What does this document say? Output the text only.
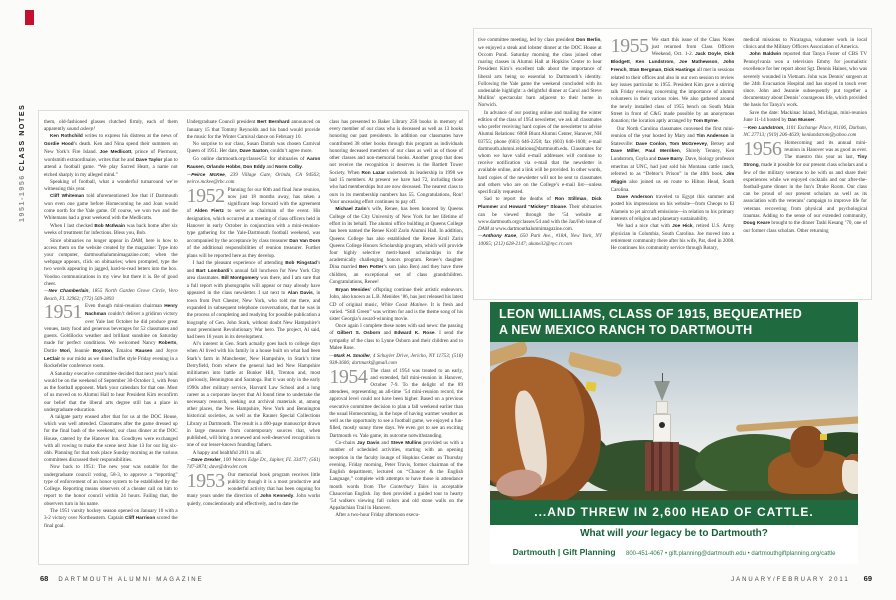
1951-1956 CLASS NOTES	them, old-fashioned glasses clutched firmly, each of them apparently sound asleep!

Ken Rothchild writes to express his distress at the news of Gordie Hood’s death. Ken and Nina spend their summers on New York’s Fire Island. Joe Medlicott, prince of Piermont, wordsmith extraordinaire, writes that he and Dave Taylor plan to attend a football game. “We play Sacred Heart, a name not etched sharply in my alleged mind.”

Speaking of football, what a wonderful turnaround we’re witnessing this year.

Cliff Whiteman told aforementioned Joe that if Dartmouth won even one game before Homecoming he and Joan would come north for the Yale game. Of course, we won two and the Whitemans had a great weekend with the Medlicotts.

When I last checked Bob McIlwain was back home after six weeks of treatment for infections. Bless you, Bob.

Since obituaries no longer appear in DAM, here is how to access them on the website created by the magazine: Type into your computer, dartmouthalumnimagazine.com; when the webpage appears, click on obituaries; when prompted, type the two words appearing in jagged, hard-to-read letters into the box. Voodoo communications in my view but there it is. Be of good cheer.

—Nev Chamberlain, 1855 North Garden Grove Circle, Vero Beach, FL 32962; (772) 569-2893

1951 Even though mini-reunion chairman Henry Nachman couldn’t deliver a gridiron victory over Yale last October he did produce great venues, tasty food and generous beverages for 52 classmates and guests. Goldilocks weather and brilliant sunshine on Saturday made for perfect conditions. We welcomed Nancy Roberts, Dottie Mori, Jeannie Boynton, Emalou Rausen and Joyce LeClair to our midst as we dined buffet style Friday evening in a Rockefeller conference room.

A Saturday executive committee decided that next year’s mini would be on the weekend of September 30-October 1, with Penn as the football opponent. Mark your calendars for that one. Most of us moved on to Alumni Hall to hear President Kim reconfirm our belief that the liberal arts degree still has a place in undergraduate education.

A tailgate party ensued after that for us at the DOC House, which was well attended. Classmates after the game dressed up for the final bash of the weekend, our class dinner at the DOC House, catered by the Hanover Inn. Goodbyes were exchanged with all vowing to make the scene next June 13 for our big six-ohh. Planning for that took place Sunday morning as the various committees discussed their responsibilities.

Now back to 1951: The new year was notable for the undergraduate council voting, 58-3, to approve a “reporting” type of enforcement of an honor system to be established by the College. Reporting means observers of a cheater call on him to report to the honor council within 24 hours. Failing that, the observers turn in his name.

The 1951 varsity hockey season opened on January 10 with a 3-2 victory over Northeastern. Captain Cliff Harrison scored the final goal.

Undergraduate Council president Bert Bernhard announced on January 15 that Tommy Reynolds and his band would provide the music for the Winter Carnival dance on February 10.

No surprise to our class, Susan Darrah was chosen Carnival Queen of 1951. Her date, Dave Saxton, couldn’t agree more.

Go online dartmouth.org/classes/51 for obituaries of Aaron Rausen, Orlando Hobbs, Don Eddy and Norm Colby.

—Peirce McKee, 239 Village Gate, Orinda, CA 94563; peirce.mckee@rbc.com

1952 Planning for our 60th and final June reunion, now just 18 months away, has taken a significant leap forward with the agreement of Alden Fiertz to serve as chairman of the event. His designation, which occurred at a meeting of class officers held in Hanover in early October in conjunction with a mini-reunion-type gathering for the Yale-Dartmouth football weekend, was accompanied by the acceptance by class treasurer Dan Van Dorn of the additional responsibilities of reunion treasurer. Further plans will be reported here as they develop.

I had the pleasant experience of attending Bob Ringstad’s and Bart Lombardi’s annual fall luncheon for New York City area classmates. Bill Montgomery was there, and I am sure that a full report with photographs will appear or may already have appeared in the class newsletter. I sat next to Alan Davis, in town from Port Chester, New York, who told me there, and expanded in subsequent telephone conversations, that he was in the process of completing and readying for possible publication a biography of Gen. John Stark, without doubt New Hampshire’s most preeminent Revolutionary War hero. The project, Al said, had been 16 years in its development.

Al’s interest in Gen. Stark actually goes back to college days when Al lived with his family in a house built on what had been Stark’s farm in Manchester, New Hampshire, in Stark’s time Derryfield, from where the general had led New Hampshire militiamen into battle at Bunker Hill, Trenton and, most gloriously, Bennington and Saratoga. But it was only in the early 1990s after military service, Harvard Law School and a long career as a corporate lawyer that Al found time to undertake the necessary research, seeking out archival materials at, among other places, the New Hampshire, New York and Bennington historical societies, as well as the Rauner Special Collections Library at Dartmouth. The result is a 400-page manuscript drawn in large measure from contemporary sources that, when published, will bring a renewed and well-deserved recognition to one of our lesser-known founding fathers.

A happy and healthful 2011 to all.

—Dave Drexler, 100 Waters Edge Dr., Jupiter, FL 33477; (561) 747-3874; dave@drexler.com

1953 Our memorial book program receives little publicity though it is a most productive and wonderful activity that has been ongoing for many years under the direction of John Kennedy. John works quietly, conscientiously and effectively, and to date the

class has presented to Baker Library 256 books in memory of every member of our class who is deceased as well as 13 books honoring our past presidents. In addition our classmates have contributed 38 other books through this program as individuals honoring deceased members of our class as well as of those of other classes and non-memorial books. Another group that does not receive the recognition it deserves is the Bartlett Tower Society. When Ron Lazar undertook its leadership in 1998 we had 15 members. At present we have had 72, including those who had memberships but are now deceased. The nearest class to ours in its membership numbers has 55. Congratulations, Ron! Your unceasing effort continues to pay off.

Michael Zarin’s wife, Renee, has been honored by Queens College of the City University of New York for her lifetime of effort in its behalf. The alumni office building at Queens College has been named the Renee Kroll Zarin Alumni Hall. In addition, Queens College has also established the Renee Kroll Zarin Queens College Honors Scholarship program, which will provide four highly selective merit-based scholarships in the academically challenging honors program. Renee’s daughter Dina married Ben Potter’s son (also Ben) and they have three children, an exceptional set of class grandchildren. Congratulations, Renee!

Bryan Menides’ offspring continue their artistic endeavors. John, also known as L.B. Menides ’86, has just released his latest CD of original music, White Coast Matinee. It is fresh and varied. “Still Green” was written for and is the theme song of his sister Georgia’s award-winning movie.

Once again I complete these notes with sad news: the passing of Gilbert S. Osborn and Edward K. Rose. I send the sympathy of the class to Lynne Osborn and their children and to Malee Rose.

—Mark H. Smoller, 4 Schuyler Drive, Jericho, NY 11753; (516) 938-3606; dartmark@gmail.com

1954 The class of 1954 was treated to an early, and extended, fall mini-reunion in Hanover, October 7-9. To the delight of the 89 attendees, representing an all-time ’54 mini-reunion record, the approval level could not have been higher. Based on a previous executive committee decision to plan a fall weekend earlier than the usual Homecoming, in the hope of having warmer weather as well as the opportunity to see a football game, we enjoyed a fun-filled, mostly sunny three days. We even got to see an exciting Dartmouth vs. Yale game, its outcome notwithstanding.

Co-chairs Jay Davis and Steve Mullins provided us with a number of scheduled activities, starting with an opening reception in the faculty lounge of Hopkins Center on Thursday evening. Friday morning, Peter Travis, former chairman of the English department, lectured on “Chaucer & the English Language,” complete with attempts to have those in attendance mouth words from The Canterbury Tales in acceptable Chaucerian English. Jay then provided a guided tour to hearty ’54 walkers viewing fall colors and old stone walls on the Appalachian Trail in Hanover.

After a two-hour Friday afternoon execu-

tive committee meeting, led by class president Don Berlin, we enjoyed a steak and lobster dinner at the DOC House at Occom Pond. Saturday morning the class joined other roaring classes in Alumni Hall at Hopkins Center to hear President Kim’s excellent talk about the importance of liberal arts being so essential to Dartmouth’s identity. Following the Yale game the weekend concluded with its undeniable highlight: a delightful dinner at Carol and Steve Mullins’ spectacular barn adjacent to their home in Norwich.

In advance of our posting online and mailing the winter edition of the class of 1954 newsletter, we ask all classmates who prefer receiving hard copies of the newsletter to advise Alumni Relations: 6068 Blunt Alumni Center, Hanover, NH 03755; phone (603) 646-2258; fax (603) 646-1600; e-mail dartmouth.alumni.relations@dartmouth.edu. Classmates for whom we have valid e-mail addresses will continue to receive notification via e-mail that the newsletter is available online, and a link will be provided. In other words, hard copies of the newsletter will not be sent to classmates and others who are on the College’s e-mail list—unless specifically requested.

Sad to report the deaths of Ron Stillman, Dick Plummer and Howard “Mickey” Sloane. Their obituaries can be viewed through the ’54 website at www.dartmouth.org/classes/54 and with the Jan/Feb issue of DAM at www.dartmouthalumnimagazine.com.

—Anthony Kane, 650 Park Ave., #18A, New York, NY 10065; (212) 628-2147; akane32@nyc.rr.com

1955 We start this issue of the Class Notes just returned from Class Officers Weekend, Oct. 1-2. Jack Doyle, Dick Blodgett, Ken Lundstrom, Joe Mathewson, John French, Stan Bergman, Dick Hastings all met in sessions related to their offices and also in our own session to review key issues particular to 1955. President Kim gave a stirring talk Friday evening concerning the importance of alumni volunteers in their various roles. We also gathered around the newly installed class of 1955 bench on South Main Street in front of C&G made possible by an anonymous donation; the location aptly arranged by Tom Byrne.

Our North Carolina classmates convened the first mini-reunion of the year hosted by Mary and Tim Anderson in Statesville: Dave Conlon, Tom McGreevey, Betsey and Dave Miller, Paul Merriken, Shirely Tenney, Ken Lundstrom, Coyla and Dave Barry. Dave, biology professor emeritus at UNC, had just sold his Montana cattle ranch, referred to as “Debtor’s Prison” in the 40th book. Jim Wiggin also joined us en route to Hilton Head, South Carolina.

Dave Anderson traveled to Egypt this summer and posted his impressions on his website—from Cheops to El Alamein to jet aircraft emissions—in relation to his primary interests of religion and planetary sustainability.

We had a nice chat with Joe Hick, retired U.S. Army physician in Columbia, South Carolina. Joe moved into a retirement community there after his wife, Pat, died in 2008. He continues his community service through Rotary,

medical missions to Nicaragua, volunteer work in local clinics and the Military Officers Association of America.

John Baldwin reported that Tanya Foster of CBS TV Pennsylvania won a television Emmy for journalistic excellence for her report about Sgt. Dennis Haines, who was severely wounded in Vietnam. John was Dennis’ surgeon at the 24th Evacuation Hospital and has stayed in touch ever since. John and Jeannie subsequently put together a documentary about Dennis’ courageous life, which provided the basis for Tanya’s work.

Save the date: Mackinac Island, Michigan, mini-reunion June 11-14 hosted by Dan Musser.

—Ken Lundstrom, 1101 Exchange Place, #1106, Durham, NC 27713; (919) 206-4639; kenlundstrom@yahoo.com

1956 Homecoming and its annual mini-reunion in Hanover was as good as ever. The maestro this year as last, Tiny Strong, made it possible for our present class scholars and a few of the military veterans to be with us and share their experiences while we enjoyed cocktails and our after-the-football-game dinner in the Inn’s Drake Room. Our class can be proud of our present scholars as well as its association with the veterans’ campaign to improve life for veterans recovering from physical and psychological traumas. Adding to the sense of our extended community, Doug Keare brought to the dinner Tashi Kesang ’70, one of our former class scholars. Other returning

LEON WILLIAMS, CLASS OF 1915, BEQUEATHED
A NEW MEXICO RANCH TO DARTMOUTH
...AND THREW IN 2,600 HEAD OF CATTLE.
What will your legacy be to Dartmouth?
Dartmouth | Gift Planning 800-451-4067 • gift.planning@dartmouth.edu • dartmouthgiftplanning.org/cattle
68 DARTMOUTH ALUMNI MAGAZINE	JANUARY/FEBRUARY 2011 69
